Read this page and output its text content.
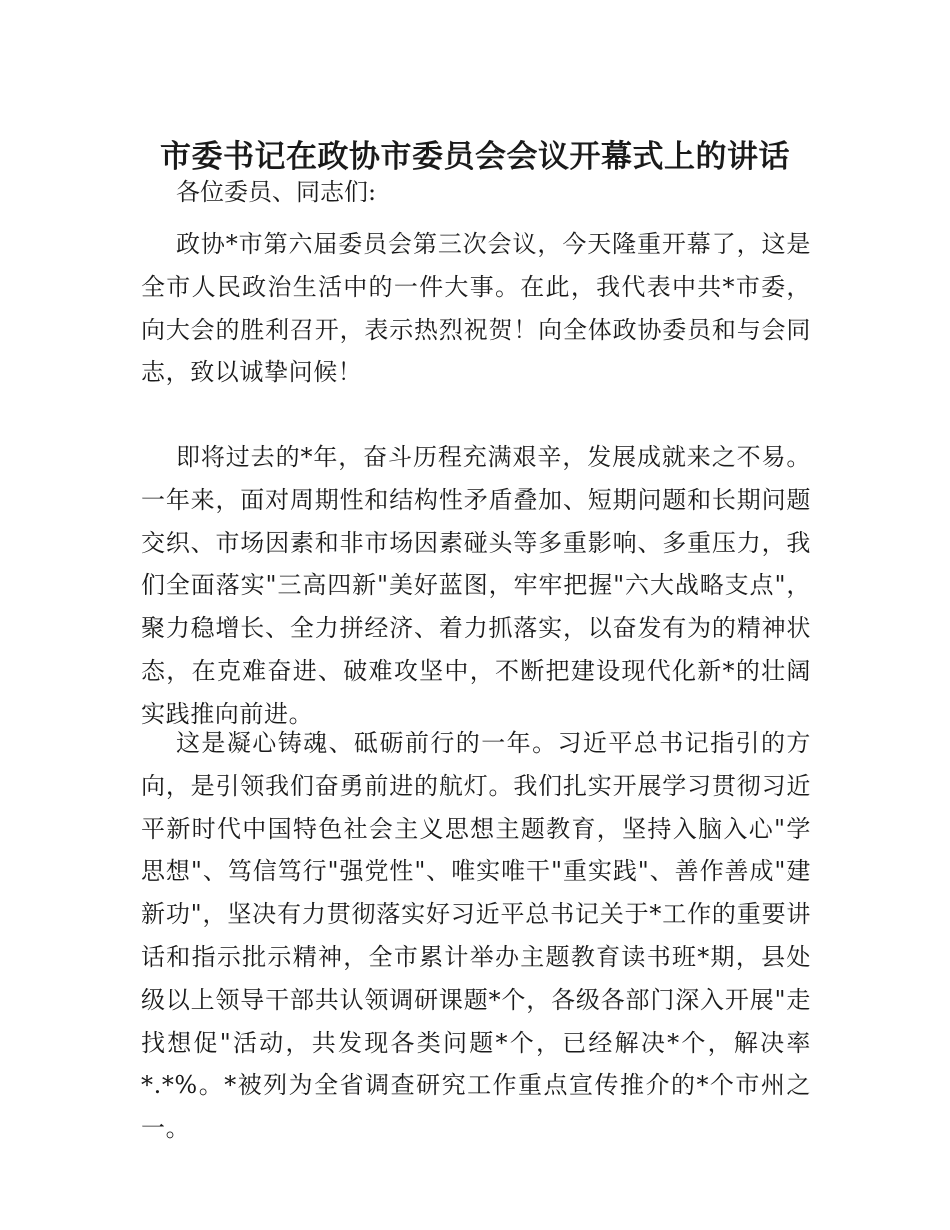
市委书记在政协市委员会会议开幕式上的讲话
各位委员、同志们:

政协*市第六届委员会第三次会议，今天隆重开幕了，这是全市人民政治生活中的一件大事。在此，我代表中共*市委，向大会的胜利召开，表示热烈祝贺！向全体政协委员和与会同志，致以诚挚问候！

即将过去的*年，奋斗历程充满艰辛，发展成就来之不易。一年来，面对周期性和结构性矛盾叠加、短期问题和长期问题交织、市场因素和非市场因素碰头等多重影响、多重压力，我们全面落实"三高四新"美好蓝图，牢牢把握"六大战略支点"，聚力稳增长、全力拼经济、着力抓落实，以奋发有为的精神状态，在克难奋进、破难攻坚中，不断把建设现代化新*的壮阔实践推向前进。

这是凝心铸魂、砥砺前行的一年。习近平总书记指引的方向，是引领我们奋勇前进的航灯。我们扎实开展学习贯彻习近平新时代中国特色社会主义思想主题教育，坚持入脑入心"学思想"、笃信笃行"强党性"、唯实唯干"重实践"、善作善成"建新功"，坚决有力贯彻落实好习近平总书记关于*工作的重要讲话和指示批示精神，全市累计举办主题教育读书班*期，县处级以上领导干部共认领调研课题*个，各级各部门深入开展"走找想促"活动，共发现各类问题*个，已经解决*个，解决率*.*%。*被列为全省调查研究工作重点宣传推介的*个市州之一。
